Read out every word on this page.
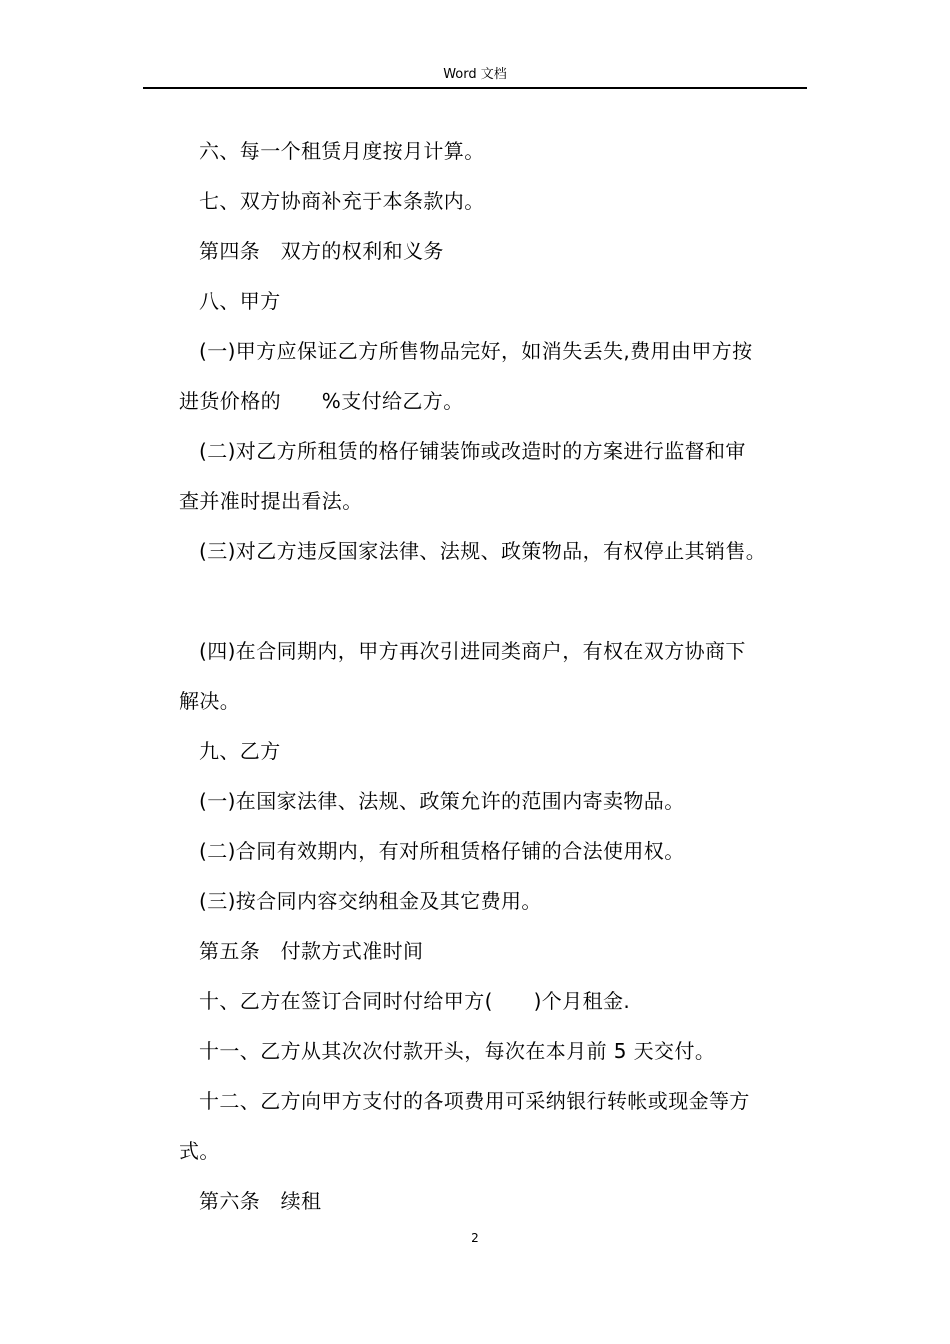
Word 文档
六、每一个租赁月度按月计算。
七、双方协商补充于本条款内。
第四条　双方的权利和义务
八、甲方
(一)甲方应保证乙方所售物品完好，如消失丢失,费用由甲方按
进货价格的　　%支付给乙方。
(二)对乙方所租赁的格仔铺装饰或改造时的方案进行监督和审
查并准时提出看法。
(三)对乙方违反国家法律、法规、政策物品，有权停止其销售。
(四)在合同期内，甲方再次引进同类商户，有权在双方协商下
解决。
九、乙方
(一)在国家法律、法规、政策允许的范围内寄卖物品。
(二)合同有效期内，有对所租赁格仔铺的合法使用权。
(三)按合同内容交纳租金及其它费用。
第五条　付款方式准时间
十、乙方在签订合同时付给甲方(　　)个月租金.
十一、乙方从其次次付款开头，每次在本月前 5 天交付。
十二、乙方向甲方支付的各项费用可采纳银行转帐或现金等方
式。
第六条　续租
2
